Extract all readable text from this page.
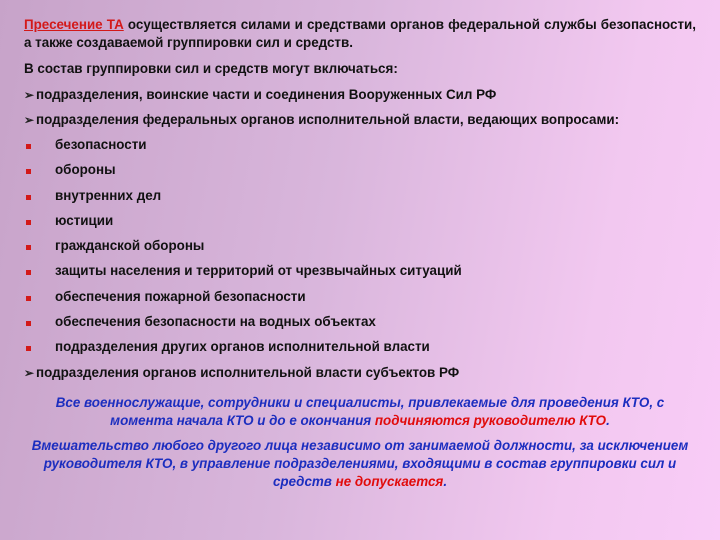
Пресечение ТА осуществляется силами и средствами органов федеральной службы безопасности, а также создаваемой группировки сил и средств.

В состав группировки сил и средств могут включаться:

➢ подразделения, воинские части и соединения Вооруженных Сил РФ
➢ подразделения федеральных органов исполнительной власти, ведающих вопросами:
безопасности
обороны
внутренних дел
юстиции
гражданской обороны
защиты населения и территорий от чрезвычайных ситуаций
обеспечения пожарной безопасности
обеспечения безопасности на водных объектах
подразделения других органов исполнительной власти
➢ подразделения органов исполнительной власти субъектов РФ

Все военнослужащие, сотрудники и специалисты, привлекаемые для проведения КТО, с момента начала КТО и до е окончания подчиняются руководителю КТО.

Вмешательство любого другого лица независимо от занимаемой должности, за исключением руководителя КТО, в управление подразделениями, входящими в состав группировки сил и средств не допускается.
